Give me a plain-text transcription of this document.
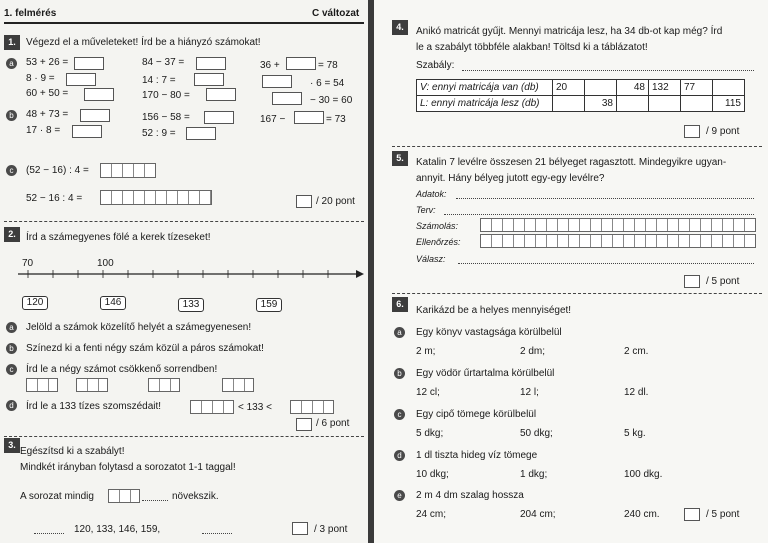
1. felmérés	C változat
1.	Végezd el a műveleteket! Írd be a hiányzó számokat!
a	53 + 26 =	84 − 37 =	36 +	= 78
8 · 9 =	14 : 7 =	· 6 = 54
60 + 50 =	170 − 80 =	− 30 = 60
b	48 + 73 =	156 − 58 =	167 −	= 73
17 · 8 =	52 : 9 =
c	(52 − 16) : 4 =
52 − 16 : 4 =	/ 20 pont
2.	Írd a számegyenes fölé a kerek tízeseket!
70	100
120	146	133	159
a	Jelöld a számok közelítő helyét a számegyenesen!
b	Színezd ki a fenti négy szám közül a páros számokat!
c	Írd le a négy számot csökkenő sorrendben!
d	Írd le a 133 tízes szomszédait!	< 133 <
/ 6 pont
3.
Egészítsd ki a szabályt!
Mindkét irányban folytasd a sorozatot 1-1 taggal!
A sorozat mindig	növekszik.
120, 133, 146, 159,	/ 3 pont
4.	Anikó matricát gyűjt. Mennyi matricája lesz, ha 34 db-ot kap még? Írd
le a szabályt többféle alakban! Töltsd ki a táblázatot!
Szabály:
V: ennyi matricája van (db)	20		48	132	77	
L: ennyi matricája lesz (db)		38				115
/ 9 pont
5.	Katalin 7 levélre összesen 21 bélyeget ragasztott. Mindegyikre ugyan-
annyit. Hány bélyeg jutott egy-egy levélre?
Adatok:
Terv:
Számolás:
Ellenőrzés:
Válasz:
/ 5 pont
6.
Karikázd be a helyes mennyiséget!
a	Egy könyv vastagsága körülbelül
2 m;	2 dm;	2 cm.
b	Egy vödör űrtartalma körülbelül
12 cl;	12 l;	12 dl.
c	Egy cipő tömege körülbelül
5 dkg;	50 dkg;	5 kg.
d	1 dl tiszta hideg víz tömege
10 dkg;	1 dkg;	100 dkg.
e	2 m 4 dm szalag hossza
24 cm;	204 cm;	240 cm.	/ 5 pont
